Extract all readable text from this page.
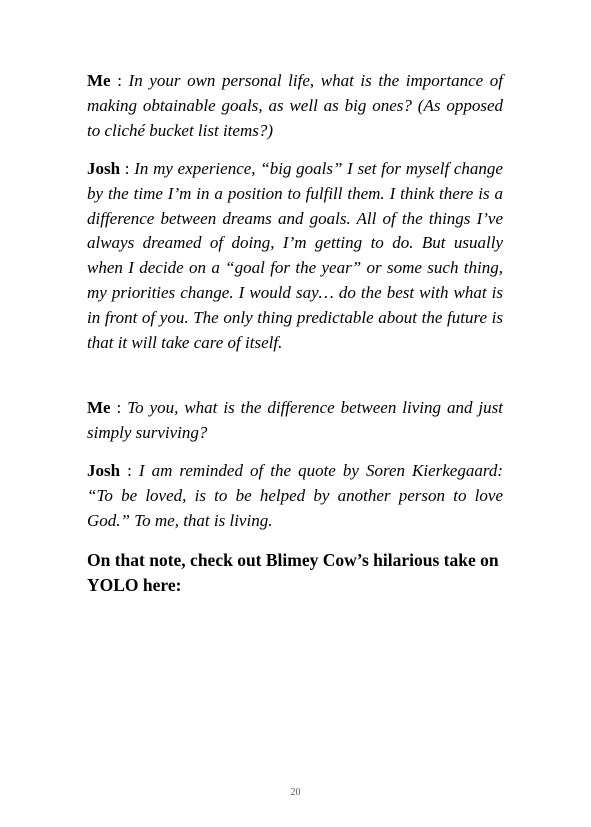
Me : In your own personal life, what is the importance of making obtainable goals, as well as big ones? (As opposed to cliché bucket list items?)

Josh : In my experience, “big goals” I set for myself change by the time I’m in a position to fulfill them. I think there is a difference between dreams and goals. All of the things I’ve always dreamed of doing, I’m getting to do. But usually when I decide on a “goal for the year” or some such thing, my priorities change. I would say… do the best with what is in front of you. The only thing predictable about the future is that it will take care of itself.

Me : To you, what is the difference between living and just simply surviving?

Josh : I am reminded of the quote by Soren Kierkegaard: “To be loved, is to be helped by another person to love God.” To me, that is living.

On that note, check out Blimey Cow’s hilarious take on YOLO here:

20
